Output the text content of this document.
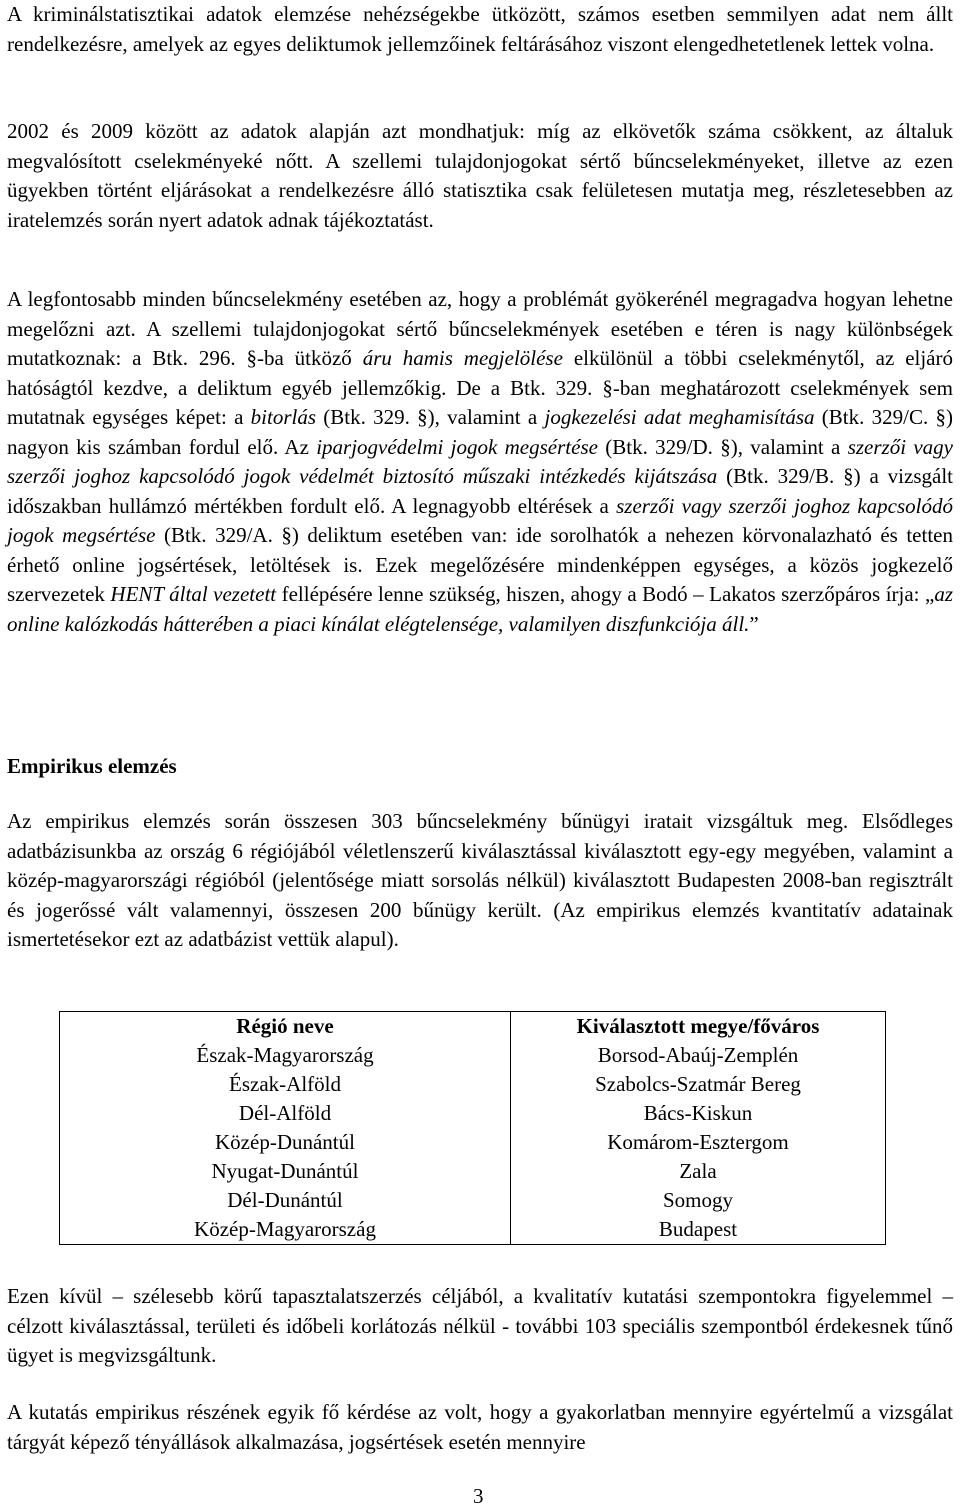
A kriminálstatisztikai adatok elemzése nehézségekbe ütközött, számos esetben semmilyen adat nem állt rendelkezésre, amelyek az egyes deliktumok jellemzőinek feltárásához viszont elengedhetetlenek lettek volna.

2002 és 2009 között az adatok alapján azt mondhatjuk: míg az elkövetők száma csökkent, az általuk megvalósított cselekményeké nőtt. A szellemi tulajdonjogokat sértő bűncselekményeket, illetve az ezen ügyekben történt eljárásokat a rendelkezésre álló statisztika csak felületesen mutatja meg, részletesebben az iratelemzés során nyert adatok adnak tájékoztatást.

A legfontosabb minden bűncselekmény esetében az, hogy a problémát gyökerénél megragadva hogyan lehetne megelőzni azt. A szellemi tulajdonjogokat sértő bűncselekmények esetében e téren is nagy különbségek mutatkoznak: a Btk. 296. §-ba ütköző áru hamis megjelölése elkülönül a többi cselekménytől, az eljáró hatóságtól kezdve, a deliktum egyéb jellemzőkig. De a Btk. 329. §-ban meghatározott cselekmények sem mutatnak egységes képet: a bitorlás (Btk. 329. §), valamint a jogkezelési adat meghamisítása (Btk. 329/C. §) nagyon kis számban fordul elő. Az iparjogvédelmi jogok megsértése (Btk. 329/D. §), valamint a szerzői vagy szerzői joghoz kapcsolódó jogok védelmét biztosító műszaki intézkedés kijátszása (Btk. 329/B. §) a vizsgált időszakban hullámzó mértékben fordult elő. A legnagyobb eltérések a szerzői vagy szerzői joghoz kapcsolódó jogok megsértése (Btk. 329/A. §) deliktum esetében van: ide sorolhatók a nehezen körvonalazható és tetten érhető online jogsértések, letöltések is. Ezek megelőzésére mindenképpen egységes, a közös jogkezelő szervezetek HENT által vezetett fellépésére lenne szükség, hiszen, ahogy a Bodó – Lakatos szerzőpáros írja: „az online kalózkodás hátterében a piaci kínálat elégtelensége, valamilyen diszfunkciója áll.”

Empirikus elemzés

Az empirikus elemzés során összesen 303 bűncselekmény bűnügyi iratait vizsgáltuk meg. Elsődleges adatbázisunkba az ország 6 régiójából véletlenszerű kiválasztással kiválasztott egy-egy megyében, valamint a közép-magyarországi régióból (jelentősége miatt sorsolás nélkül) kiválasztott Budapesten 2008-ban regisztrált és jogerőssé vált valamennyi, összesen 200 bűnügy került. (Az empirikus elemzés kvantitatív adatainak ismertetésekor ezt az adatbázist vettük alapul).

Ezen kívül – szélesebb körű tapasztalatszerzés céljából, a kvalitatív kutatási szempontokra figyelemmel – célzott kiválasztással, területi és időbeli korlátozás nélkül - további 103 speciális szempontból érdekesnek tűnő ügyet is megvizsgáltunk.

A kutatás empirikus részének egyik fő kérdése az volt, hogy a gyakorlatban mennyire egyértelmű a vizsgálat tárgyát képező tényállások alkalmazása, jogsértések esetén mennyire

Régió neve	Kiválasztott megye/főváros
Észak-Magyarország	Borsod-Abaúj-Zemplén
Észak-Alföld	Szabolcs-Szatmár Bereg
Dél-Alföld	Bács-Kiskun
Közép-Dunántúl	Komárom-Esztergom
Nyugat-Dunántúl	Zala
Dél-Dunántúl	Somogy
Közép-Magyarország	Budapest
3
